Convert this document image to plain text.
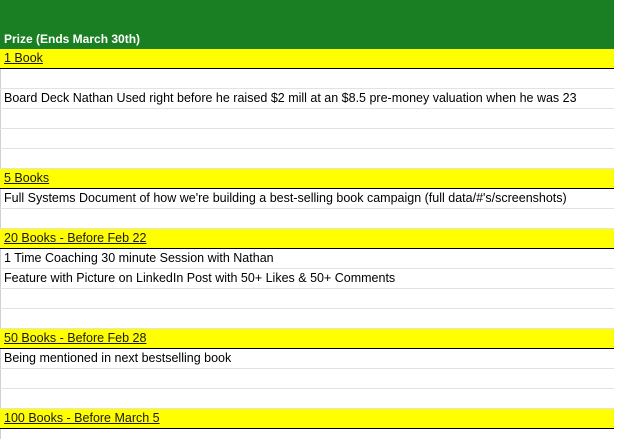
Prize (Ends March 30th)
1 Book
Board Deck Nathan Used right before he raised $2 mill at an $8.5 pre-money valuation when he was 23
5 Books
Full Systems Document of how we're building a best-selling book campaign (full data/#'s/screenshots)
20 Books - Before Feb 22
1 Time Coaching 30 minute Session with Nathan
Feature with Picture on LinkedIn Post with 50+ Likes & 50+ Comments
50 Books - Before Feb 28
Being mentioned in next bestselling book
100 Books - Before March 5
